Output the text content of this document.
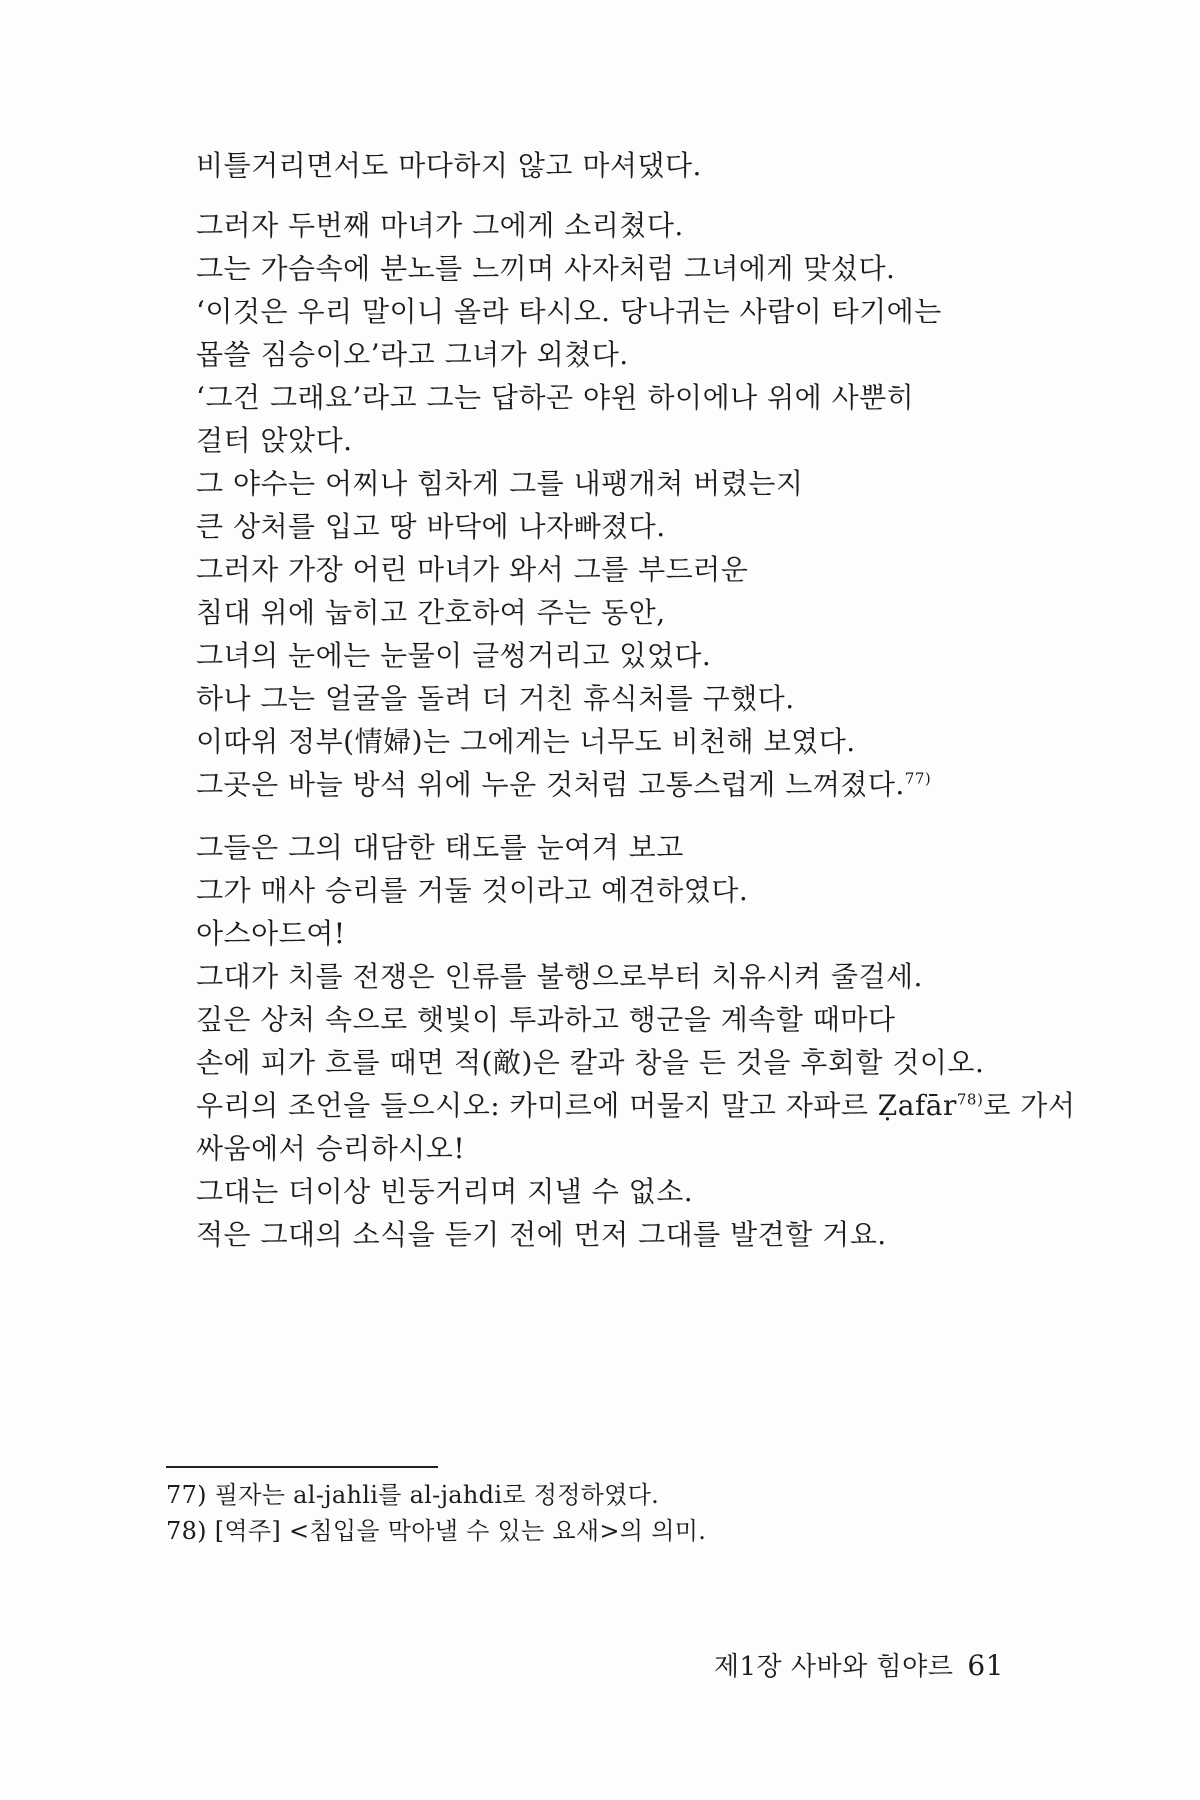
비틀거리면서도 마다하지 않고 마셔댔다.
그러자 두번째 마녀가 그에게 소리쳤다.
그는 가슴속에 분노를 느끼며 사자처럼 그녀에게 맞섰다.
‘이것은 우리 말이니 올라 타시오. 당나귀는 사람이 타기에는
몹쓸 짐승이오’라고 그녀가 외쳤다.
‘그건 그래요’라고 그는 답하곤 야윈 하이에나 위에 사뿐히
걸터 앉았다.
그 야수는 어찌나 힘차게 그를 내팽개쳐 버렸는지
큰 상처를 입고 땅 바닥에 나자빠졌다.
그러자 가장 어린 마녀가 와서 그를 부드러운
침대 위에 눕히고 간호하여 주는 동안,
그녀의 눈에는 눈물이 글썽거리고 있었다.
하나 그는 얼굴을 돌려 더 거친 휴식처를 구했다.
이따위 정부(情婦)는 그에게는 너무도 비천해 보였다.
그곳은 바늘 방석 위에 누운 것처럼 고통스럽게 느껴졌다.$^{77)}$
그들은 그의 대담한 태도를 눈여겨 보고
그가 매사 승리를 거둘 것이라고 예견하였다.
아스아드여!
그대가 치를 전쟁은 인류를 불행으로부터 치유시켜 줄걸세.
깊은 상처 속으로 햇빛이 투과하고 행군을 계속할 때마다
손에 피가 흐를 때면 적(敵)은 칼과 창을 든 것을 후회할 것이오.
우리의 조언을 들으시오: 카미르에 머물지 말고 자파르 Ẓafār$^{78)}$로 가서
싸움에서 승리하시오!
그대는 더이상 빈둥거리며 지낼 수 없소.
적은 그대의 소식을 듣기 전에 먼저 그대를 발견할 거요.
77) 필자는 al-jahli를 al-jahdi로 정정하였다.
78) [역주] <침입을 막아낼 수 있는 요새>의 의미.
제1장 사바와 힘야르 61
